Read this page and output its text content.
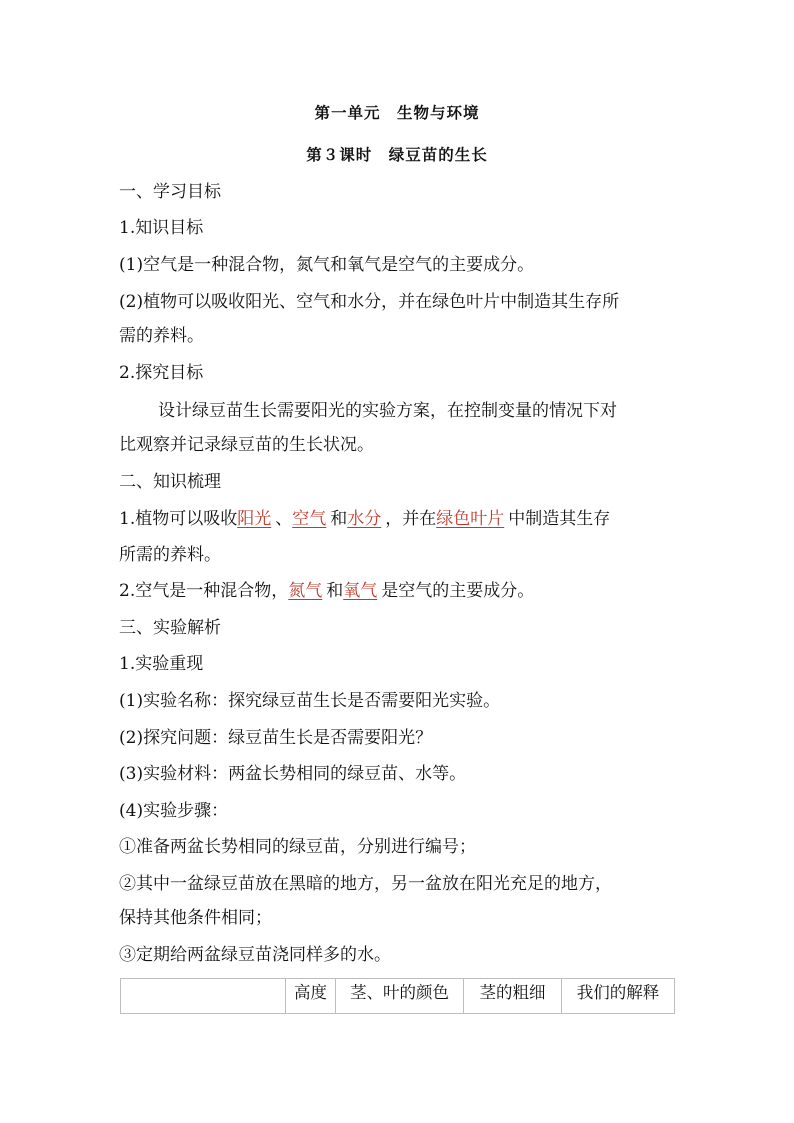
第一单元　生物与环境
第３课时　绿豆苗的生长
一、学习目标
1.知识目标
(1)空气是一种混合物，氮气和氧气是空气的主要成分。
(2)植物可以吸收阳光、空气和水分，并在绿色叶片中制造其生存所
需的养料。
2.探究目标
设计绿豆苗生长需要阳光的实验方案，在控制变量的情况下对
比观察并记录绿豆苗的生长状况。
二、知识梳理
1.植物可以吸收阳光 、空气 和水分 ，并在绿色叶片 中制造其生存
所需的养料。
2.空气是一种混合物，氮气 和氧气 是空气的主要成分。
三、实验解析
1.实验重现
(1)实验名称：探究绿豆苗生长是否需要阳光实验。
(2)探究问题：绿豆苗生长是否需要阳光？
(3)实验材料：两盆长势相同的绿豆苗、水等。
(4)实验步骤：
①准备两盆长势相同的绿豆苗，分别进行编号；
②其中一盆绿豆苗放在黑暗的地方，另一盆放在阳光充足的地方，
保持其他条件相同；
③定期给两盆绿豆苗浇同样多的水。
	高度	茎、叶的颜色	茎的粗细	我们的解释
